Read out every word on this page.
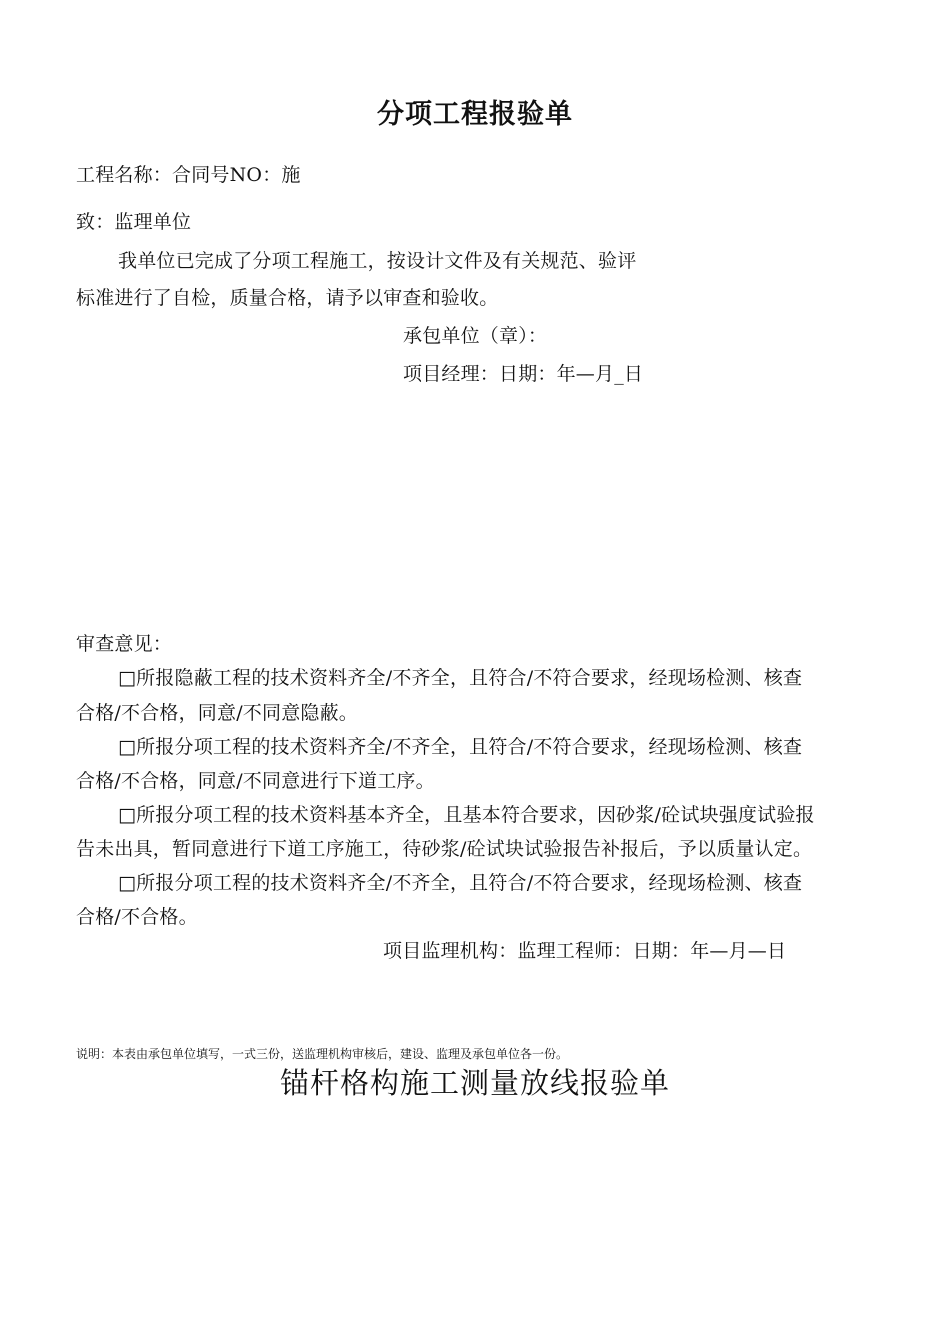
分项工程报验单
工程名称：合同号NO：施
致：监理单位
我单位已完成了分项工程施工，按设计文件及有关规范、验评
标准进行了自检，质量合格，请予以审查和验收。
承包单位（章）：
项目经理：日期：年—月_日
审查意见：
□所报隐蔽工程的技术资料齐全/不齐全，且符合/不符合要求，经现场检测、核查
合格/不合格，同意/不同意隐蔽。
□所报分项工程的技术资料齐全/不齐全，且符合/不符合要求，经现场检测、核查
合格/不合格，同意/不同意进行下道工序。
□所报分项工程的技术资料基本齐全，且基本符合要求，因砂浆/砼试块强度试验报
告未出具，暂同意进行下道工序施工，待砂浆/砼试块试验报告补报后，予以质量认定。
□所报分项工程的技术资料齐全/不齐全，且符合/不符合要求，经现场检测、核查
合格/不合格。
项目监理机构：监理工程师：日期：年—月—日
说明：本表由承包单位填写，一式三份，送监理机构审核后，建设、监理及承包单位各一份。
锚杆格构施工测量放线报验单
